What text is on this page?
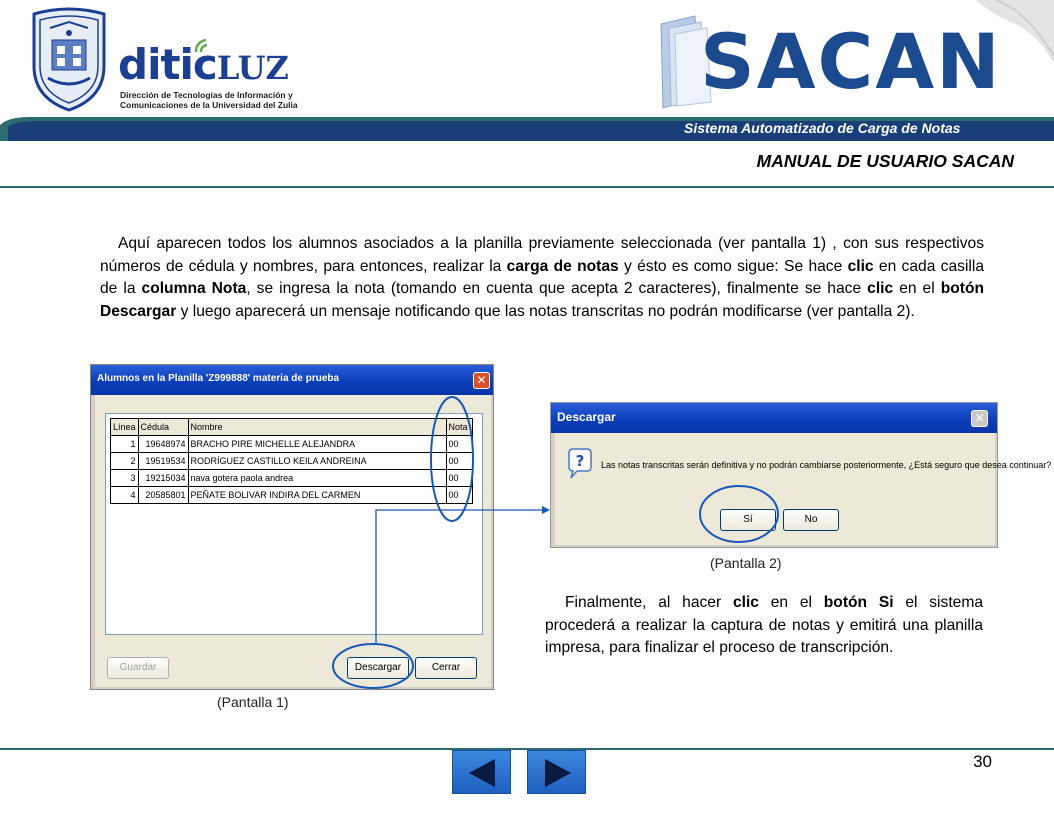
diticLUZ
Dirección de Tecnologías de Información y
Comunicaciones de la Universidad del Zulia	SACAN
Sistema Automatizado de Carga de Notas
MANUAL DE USUARIO SACAN

Aquí aparecen todos los alumnos asociados a la planilla previamente seleccionada (ver pantalla 1) , con sus respectivos números de cédula y nombres, para entonces, realizar la carga de notas y ésto es como sigue: Se hace clic en cada casilla de la columna Nota, se ingresa la nota (tomando en cuenta que acepta 2 caracteres), finalmente se hace clic en el botón Descargar y luego aparecerá un mensaje notificando que las notas transcritas no podrán modificarse (ver pantalla 2).

Alumnos en la Planilla 'Z999888' materia de prueba	✕
Línea	Cédula	Nombre	Nota
1	19648974	BRACHO PIRE MICHELLE ALEJANDRA	00
2	19519534	RODRÍGUEZ CASTILLO KEILA ANDREINA	00
3	19215034	nava gotera paola andrea	00
4	20585801	PEÑATE BOLIVAR INDIRA DEL CARMEN	00
Guardar	Descargar	Cerrar
(Pantalla 1)
Descargar	✕
? Las notas transcritas serán definitiva y no podrán cambiarse posteriormente, ¿Está seguro que desea continuar?
Sí	No
(Pantalla 2)

Finalmente, al hacer clic en el botón Si el sistema procederá a realizar la captura de notas y emitirá una planilla impresa, para finalizar el proceso de transcripción.

30
